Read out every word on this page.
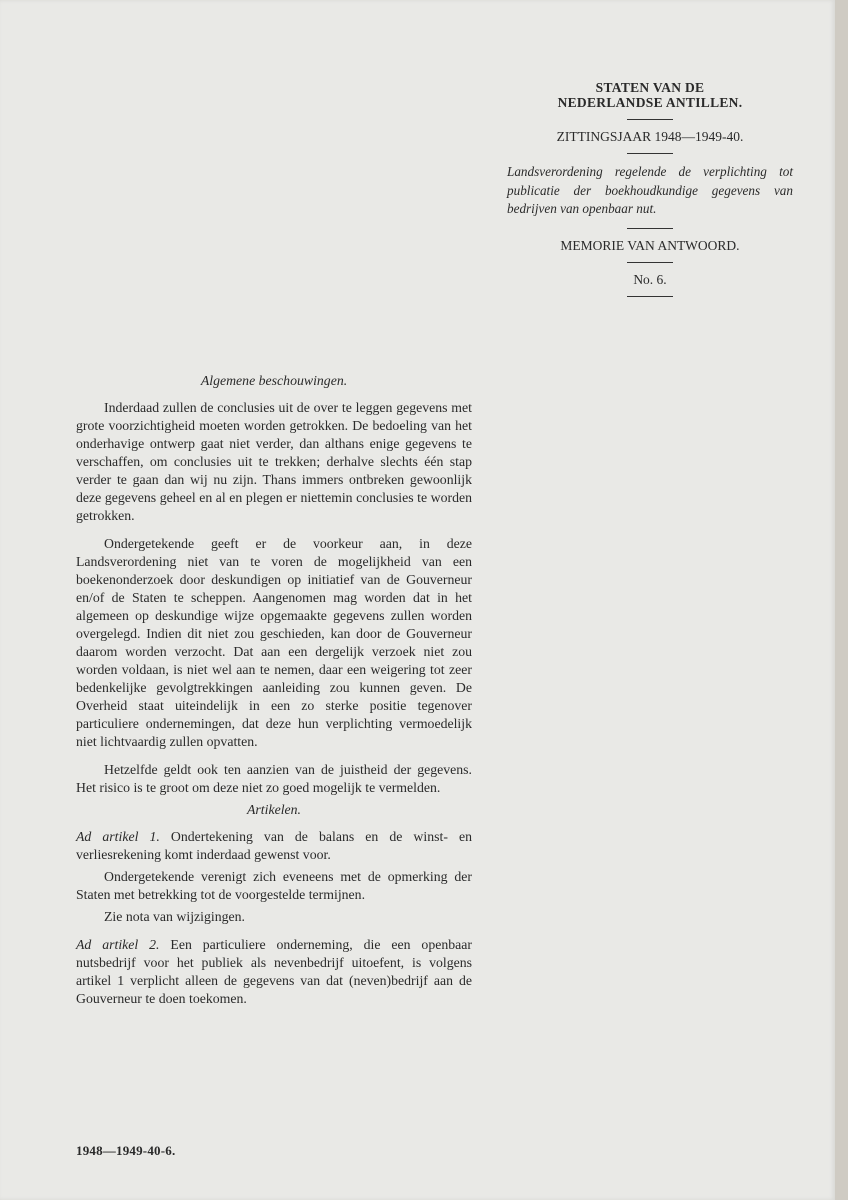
STATEN VAN DE
NEDERLANDSE ANTILLEN.
ZITTINGSJAAR 1948—1949-40.
Landsverordening regelende de verplichting tot publicatie der boekhoudkundige gegevens van bedrijven van openbaar nut.
MEMORIE VAN ANTWOORD.
No. 6.
Algemene beschouwingen.

Inderdaad zullen de conclusies uit de over te leggen gegevens met grote voorzichtigheid moeten worden getrokken. De bedoeling van het onderhavige ontwerp gaat niet verder, dan althans enige gegevens te verschaffen, om conclusies uit te trekken; derhalve slechts één stap verder te gaan dan wij nu zijn. Thans immers ontbreken gewoonlijk deze gegevens geheel en al en plegen er niettemin conclusies te worden getrokken.

Ondergetekende geeft er de voorkeur aan, in deze Landsverordening niet van te voren de mogelijkheid van een boekenonderzoek door deskundigen op initiatief van de Gouverneur en/of de Staten te scheppen. Aangenomen mag worden dat in het algemeen op deskundige wijze opgemaakte gegevens zullen worden overgelegd. Indien dit niet zou geschieden, kan door de Gouverneur daarom worden verzocht. Dat aan een dergelijk verzoek niet zou worden voldaan, is niet wel aan te nemen, daar een weigering tot zeer bedenkelijke gevolgtrekkingen aanleiding zou kunnen geven. De Overheid staat uiteindelijk in een zo sterke positie tegenover particuliere ondernemingen, dat deze hun verplichting vermoedelijk niet lichtvaardig zullen opvatten.

Hetzelfde geldt ook ten aanzien van de juistheid der gegevens. Het risico is te groot om deze niet zo goed mogelijk te vermelden.

Artikelen.

Ad artikel 1. Ondertekening van de balans en de winst- en verliesrekening komt inderdaad gewenst voor.

Ondergetekende verenigt zich eveneens met de opmerking der Staten met betrekking tot de voorgestelde termijnen.

Zie nota van wijzigingen.

Ad artikel 2. Een particuliere onderneming, die een openbaar nutsbedrijf voor het publiek als nevenbedrijf uitoefent, is volgens artikel 1 verplicht alleen de gegevens van dat (neven)bedrijf aan de Gouverneur te doen toekomen.

1948—1949-40-6.
